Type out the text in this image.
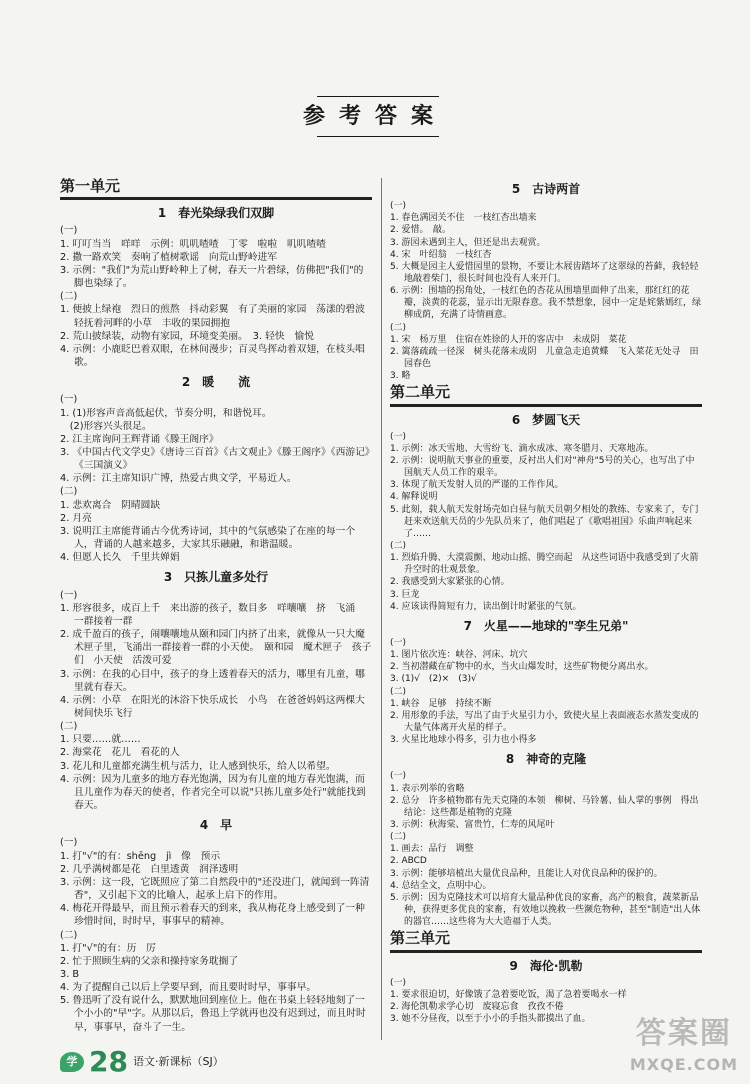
参考答案
第一单元
1　春光染绿我们双脚
(一)
1. 叮叮当当　咩咩　示例：叽叽喳喳　丁零　啦啦　叽叽喳喳
2. 撒一路欢笑　奏响了植树歌谣　向荒山野岭进军
3. 示例："我们"为荒山野岭种上了树，春天一片碧绿，仿佛把"我们"的脚也染绿了。
(二)
1. 便披上绿袍　烈日的煎熬　抖动彩翼　有了美丽的家园　荡漾的碧波轻抚着河畔的小草　丰收的果园拥抱
2. 荒山披绿装，动物有家园，环境变美丽。　3. 轻快　愉悦
4. 示例：小鹿眨巴着双眼，在林间漫步；百灵鸟挥动着双翅，在枝头唱歌。
2　暖　　流
(一)
1. (1)形容声音高低起伏，节奏分明，和谐悦耳。
　(2)形容兴头很足。
2. 江主席询问王辉背诵《滕王阁序》
3. 《中国古代文学史》《唐诗三百首》《古文观止》《滕王阁序》《西游记》《三国演义》
4. 示例：江主席知识广博，热爱古典文学，平易近人。
(二)
1. 悲欢离合　阴晴圆缺
2. 月亮
3. 说明江主席能背诵古今优秀诗词，其中的气氛感染了在座的每一个人，背诵的人越来越多，大家其乐融融，和谐温暖。
4. 但愿人长久　千里共婵娟
3　只拣儿童多处行
(一)
1. 形容很多，成百上千　来出游的孩子，数目多　咩嚷嚷　挤　飞涌　一群接着一群
2. 成千盈百的孩子，闹嚷嚷地从颐和园门内挤了出来，就像从一只大魔术匣子里，飞涌出一群接着一群的小天使。　颐和园　魔术匣子　孩子们　小天使　活泼可爱
3. 示例：在我的心目中，孩子的身上透着春天的活力，哪里有儿童，哪里就有春天。
4. 示例：小草　在阳光的沐浴下快乐成长　小鸟　在爸爸妈妈这两棵大树间快乐飞行
(二)
1. 只要……就……
2. 海棠花　花儿　看花的人
3. 花儿和儿童都充满生机与活力，让人感到快乐，给人以希望。
4. 示例：因为儿童多的地方春光饱满，因为有儿童的地方春光饱满，而且儿童作为春天的使者，作者完全可以说"只拣儿童多处行"就能找到春天。
4　早
(一)
1. 打"√"的有：shēng　jì　像　预示
2. 几乎满树都是花　白里透黄　润泽透明
3. 示例：这一段，它既照应了第二自然段中的"还没进门，就闻到一阵清香"，又引起下文的比喻人，起承上启下的作用。
4. 梅花开得最早，而且预示着春天的到来，我从梅花身上感受到了一种珍惜时间，时时早，事事早的精神。
(二)
1. 打"√"的有：历　厉
2. 忙于照顾生病的父亲和操持家务耽搁了
3. B
4. 为了提醒自己以后上学要早到，而且要时时早，事事早。
5. 鲁迅听了没有说什么，默默地回到座位上。他在书桌上轻轻地刻了一个小小的"早"字。从那以后，鲁迅上学就再也没有迟到过，而且时时早，事事早，奋斗了一生。
5　古诗两首
(一)
1. 春色满园关不住　一枝红杏出墙来
2. 爱惜。　敲。
3. 游园未遇到主人，但还是出去观赏。
4. 宋　叶绍翁　一枝红杏
5. 大概是园主人爱惜园里的景物，不要让木屐齿踏坏了这翠绿的苔藓，我轻轻地敲着柴门，很长时间也没有人来开门。
6. 示例：围墙的拐角处，一枝红色的杏花从围墙里面伸了出来，那红红的花瓣，淡黄的花蕊，显示出无限春意。我不禁想象，园中一定是姹紫嫣红，绿柳成荫，充满了诗情画意。
(二)
1. 宋　杨万里　住宿在姓徐的人开的客店中　未成阴　菜花
2. 篱落疏疏一径深　树头花落未成阴　儿童急走追黄蝶　飞入菜花无处寻　田园春色
3. 略
第二单元
6　梦圆飞天
(一)
1. 示例：冰天雪地、大雪纷飞、滴水成冰、寒冬腊月、天寒地冻。
2. 示例：说明航天事业的重要，反衬出人们对"神舟"5号的关心，也写出了中国航天人员工作的艰辛。
3. 体现了航天发射人员的严谨的工作作风。
4. 解释说明
5. 此刻，载人航天发射场壳如白昼与航天员朝夕相处的教练、专家来了，专门赶来欢送航天员的少先队员来了，他们唱起了《歌唱祖国》乐曲声响起来了……
(二)
1. 烈焰升腾、大漠震颤、地动山摇、腾空而起　从这些词语中我感受到了火箭升空时的壮观景象。
2. 我感受到大家紧张的心情。
3. 巨龙
4. 应该读得简短有力，读出倒计时紧张的气氛。
7　火星——地球的"孪生兄弟"
(一)
1. 图片依次连：峡谷、河床、坑穴
2. 当初潜藏在矿物中的水，当火山爆发时，这些矿物便分离出水。
3. (1)√　(2)×　(3)√
(二)
1. 峡谷　足够　持续不断
2. 用形象的手法，写出了由于火星引力小，致使火星上表面液态水蒸发变成的大量气体离开火星的样子。
3. 火星比地球小得多，引力也小得多
8　神奇的克隆
(一)
1. 表示列举的省略
2. 总分　许多植物都有先天克隆的本领　柳树、马铃薯、仙人掌的事例　得出结论：这些都是植物的克隆
3. 示例：秋海棠、富贵竹，仁寿的风尾叶
(二)
1. 画去：品行　调整
2. ABCD
3. 示例：能够培植出大量优良品种，且能让人对优良品种的保护的。
4. 总结全文，点明中心。
5. 示例：因为克隆技术可以培育大量品种优良的家畜，高产的粮食，蔬菜新品种，获得更多优良的家畜，有效地以挽救一些濒危物种，甚至"制造"出人体的器官……这些将为大大造福于人类。
第三单元
9　海伦·凯勒
(一)
1. 要求很迫切，好像饿了急着要吃饭，渴了急着要喝水一样
2. 海伦凯勒求学心切　废寝忘食　孜孜不倦
3. 她不分昼夜，以至于小小的手指头都摸出了血。
学 28 语文·新课标（SJ）
答案圈
MXQE.COM
